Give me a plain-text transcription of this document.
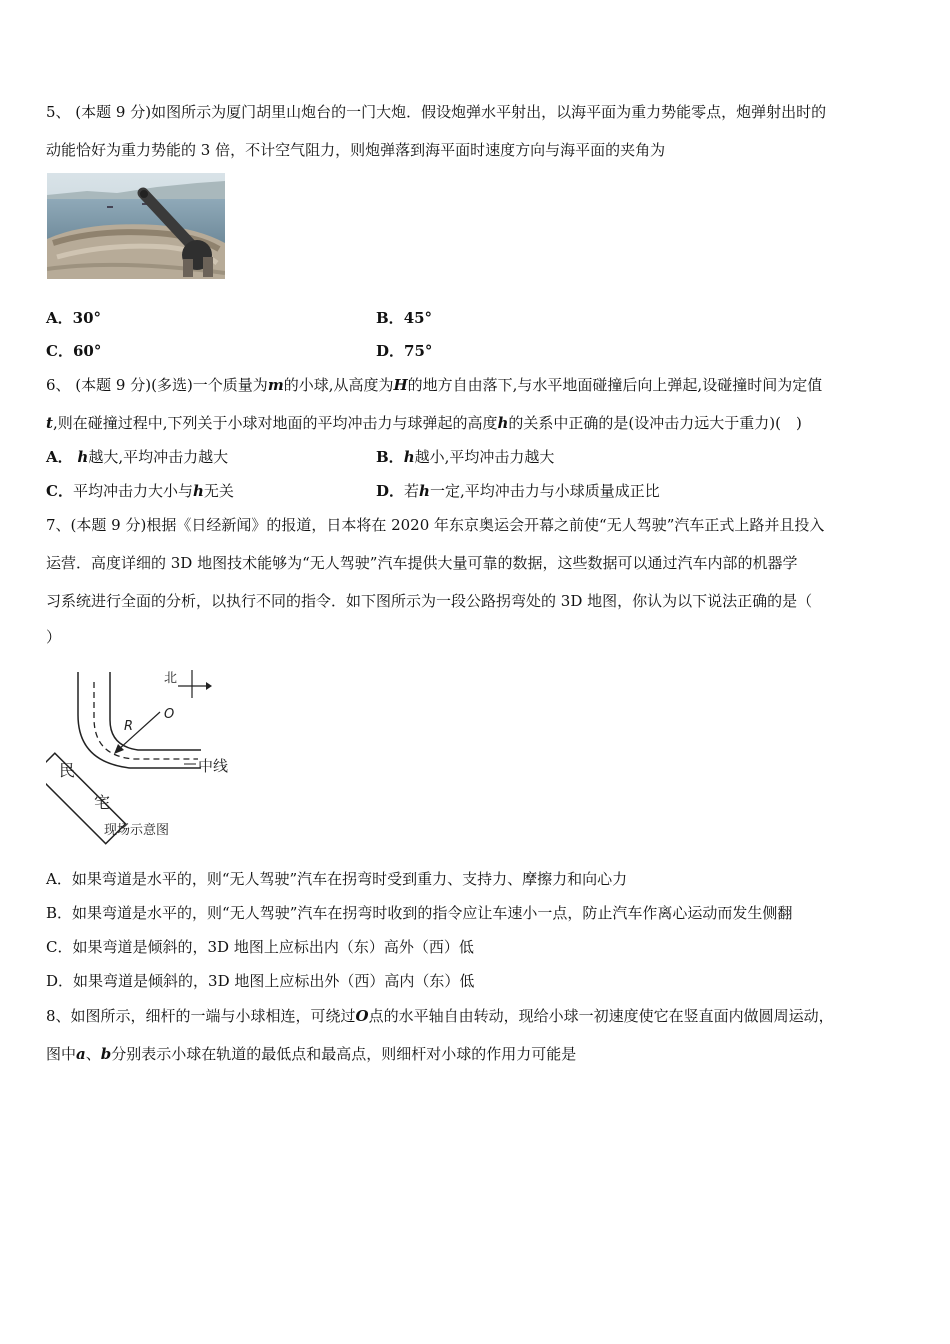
5、 (本题 9 分)如图所示为厦门胡里山炮台的一门大炮．假设炮弹水平射出，以海平面为重力势能零点，炮弹射出时的
动能恰好为重力势能的 3 倍，不计空气阻力，则炮弹落到海平面时速度方向与海平面的夹角为
A．30°	B．45°
C．60°	D．75°
6、 (本题 9 分)(多选)一个质量为m的小球,从高度为H的地方自由落下,与水平地面碰撞后向上弹起,设碰撞时间为定值
t,则在碰撞过程中,下列关于小球对地面的平均冲击力与球弹起的高度h的关系中正确的是(设冲击力远大于重力)(　)
A． h越大,平均冲击力越大	B．h越小,平均冲击力越大
C．平均冲击力大小与h无关	D．若h一定,平均冲击力与小球质量成正比
7、(本题 9 分)根据《日经新闻》的报道，日本将在 2020 年东京奥运会开幕之前使“无人驾驶”汽车正式上路并且投入
运营．高度详细的 3D 地图技术能够为“无人驾驶”汽车提供大量可靠的数据，这些数据可以通过汽车内部的机器学
习系统进行全面的分析，以执行不同的指令．如下图所示为一段公路拐弯处的 3D 地图，你认为以下说法正确的是（
）
中线
北
O
R
民
宅
现场示意图
A．如果弯道是水平的，则“无人驾驶”汽车在拐弯时受到重力、支持力、摩擦力和向心力
B．如果弯道是水平的，则“无人驾驶”汽车在拐弯时收到的指令应让车速小一点，防止汽车作离心运动而发生侧翻
C．如果弯道是倾斜的，3D 地图上应标出内（东）高外（西）低
D．如果弯道是倾斜的，3D 地图上应标出外（西）高内（东）低
8、如图所示，细杆的一端与小球相连，可绕过O点的水平轴自由转动，现给小球一初速度使它在竖直面内做圆周运动，
图中a、b分别表示小球在轨道的最低点和最高点，则细杆对小球的作用力可能是
